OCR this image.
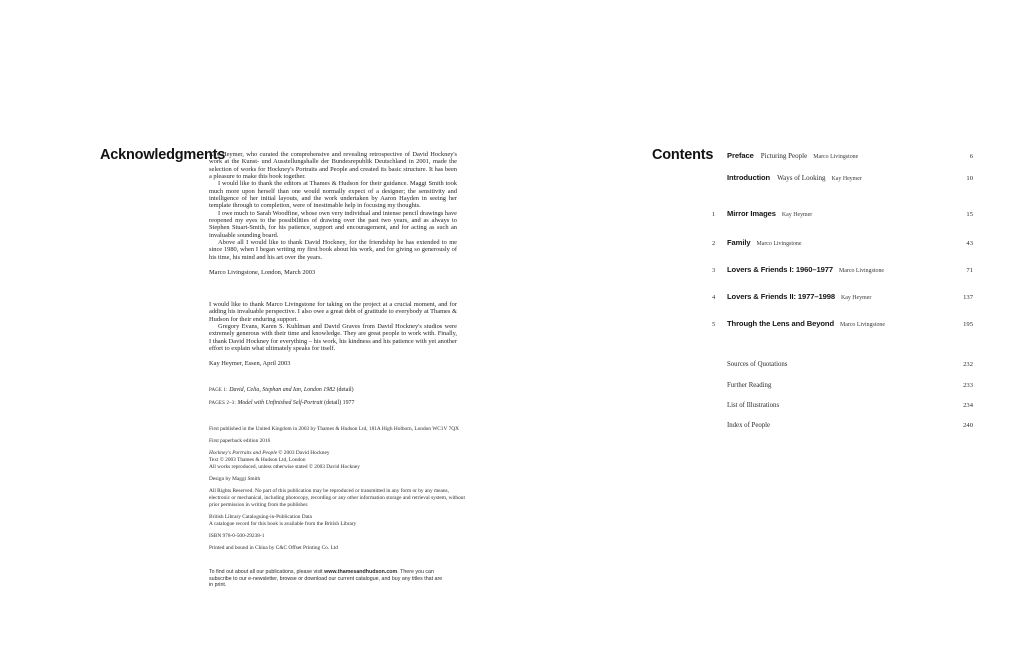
Acknowledgments

Kay Heymer, who curated the comprehensive and revealing retrospective of David Hockney's work at the Kunst- und Ausstellungshalle der Bundesrepublik Deutschland in 2001, made the selection of works for Hockney's Portraits and People and created its basic structure. It has been a pleasure to make this book together.

I would like to thank the editors at Thames & Hudson for their guidance. Maggi Smith took much more upon herself than one would normally expect of a designer; the sensitivity and intelligence of her initial layouts, and the work undertaken by Aaron Hayden in seeing her template through to completion, were of inestimable help in focusing my thoughts.

I owe much to Sarah Woodfine, whose own very individual and intense pencil drawings have reopened my eyes to the possibilities of drawing over the past two years, and as always to Stephen Stuart-Smith, for his patience, support and encouragement, and for acting as such an invaluable sounding board.

Above all I would like to thank David Hockney, for the friendship he has extended to me since 1980, when I began writing my first book about his work, and for giving so generously of his time, his mind and his art over the years.

Marco Livingstone, London, March 2003

I would like to thank Marco Livingstone for taking on the project at a crucial moment, and for adding his invaluable perspective. I also owe a great debt of gratitude to everybody at Thames & Hudson for their enduring support.

Gregory Evans, Karen S. Kuhlman and David Graves from David Hockney's studios were extremely generous with their time and knowledge. They are great people to work with. Finally, I thank David Hockney for everything – his work, his kindness and his patience with yet another effort to explain what ultimately speaks for itself.

Kay Heymer, Essen, April 2003

PAGE 1: David, Celia, Stephan and Ian, London 1982 (detail)
PAGES 2–3: Model with Unfinished Self-Portrait (detail) 1977

First published in the United Kingdom in 2003 by Thames & Hudson Ltd, 181A High Holborn, London WC1V 7QX

First paperback edition 2016

Hockney's Portraits and People © 2003 David Hockney

Text © 2003 Thames & Hudson Ltd, London

All works reproduced, unless otherwise stated © 2003 David Hockney

Design by Maggi Smith

All Rights Reserved. No part of this publication may be reproduced or transmitted in any form or by any means, electronic or mechanical, including photocopy, recording or any other information storage and retrieval system, without prior permission in writing from the publisher.

British Library Cataloguing-in-Publication Data

A catalogue record for this book is available from the British Library

ISBN 978-0-500-29238-1

Printed and bound in China by C&C Offset Printing Co. Ltd

To find out about all our publications, please visit www.thamesandhudson.com. There you can subscribe to our e-newsletter, browse or download our current catalogue, and buy any titles that are in print.

Contents Preface Picturing People Marco Livingstone	6
Introduction Ways of Looking Kay Heymer	10
1	Mirror Images Kay Heymer	15
2	Family Marco Livingstone	43
3	Lovers & Friends I: 1960–1977 Marco Livingstone	71
4	Lovers & Friends II: 1977–1998 Kay Heymer	137
5	Through the Lens and Beyond Marco Livingstone	195
Sources of Quotations	232
Further Reading	233
List of Illustrations	234
Index of People	240
